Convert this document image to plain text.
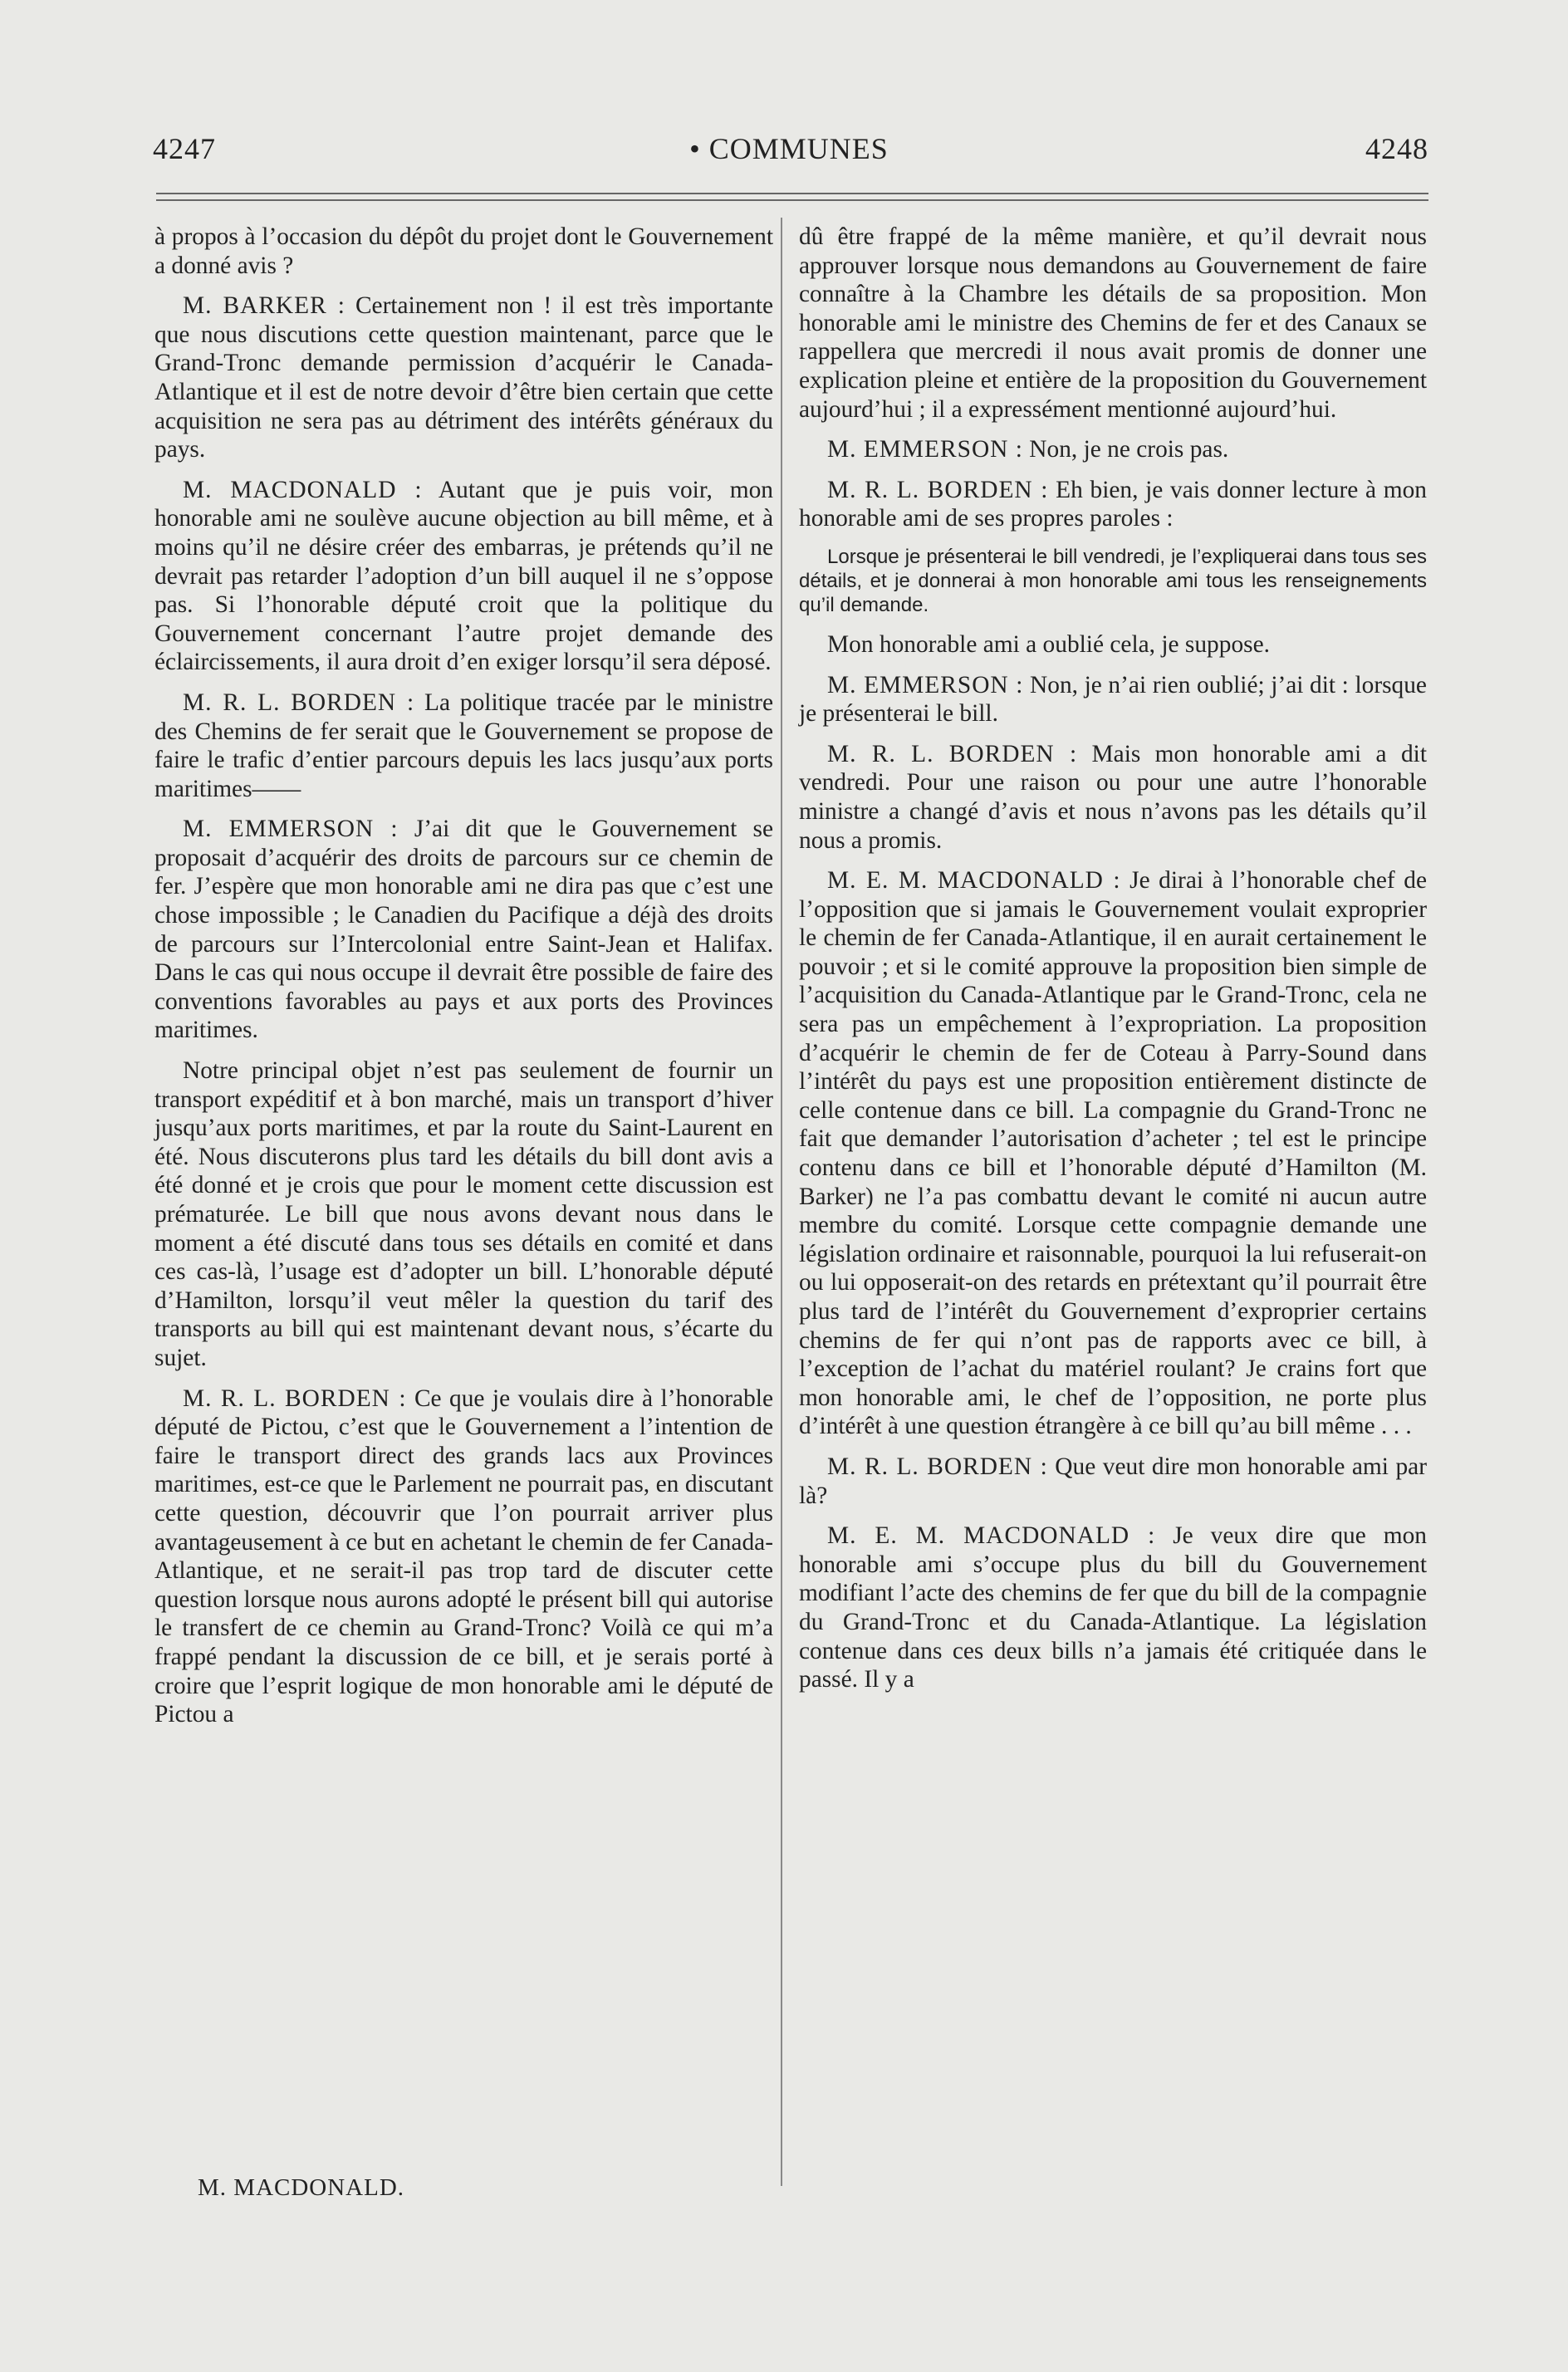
4247	• COMMUNES	4248

à propos à l’occasion du dépôt du projet dont le Gouvernement a donné avis ?

M. BARKER : Certainement non ! il est très importante que nous discutions cette question maintenant, parce que le Grand-Tronc demande permission d’acquérir le Canada-Atlantique et il est de notre devoir d’être bien certain que cette acquisition ne sera pas au détriment des intérêts généraux du pays.

M. MACDONALD : Autant que je puis voir, mon honorable ami ne soulève aucune objection au bill même, et à moins qu’il ne désire créer des embarras, je prétends qu’il ne devrait pas retarder l’adoption d’un bill auquel il ne s’oppose pas. Si l’honorable député croit que la politique du Gouvernement concernant l’autre projet demande des éclaircissements, il aura droit d’en exiger lorsqu’il sera déposé.

M. R. L. BORDEN : La politique tracée par le ministre des Chemins de fer serait que le Gouvernement se propose de faire le trafic d’entier parcours depuis les lacs jusqu’aux ports maritimes——

M. EMMERSON : J’ai dit que le Gouvernement se proposait d’acquérir des droits de parcours sur ce chemin de fer. J’espère que mon honorable ami ne dira pas que c’est une chose impossible ; le Canadien du Pacifique a déjà des droits de parcours sur l’Intercolonial entre Saint-Jean et Halifax. Dans le cas qui nous occupe il devrait être possible de faire des conventions favorables au pays et aux ports des Provinces maritimes.

Notre principal objet n’est pas seulement de fournir un transport expéditif et à bon marché, mais un transport d’hiver jusqu’aux ports maritimes, et par la route du Saint-Laurent en été. Nous discuterons plus tard les détails du bill dont avis a été donné et je crois que pour le moment cette discussion est prématurée. Le bill que nous avons devant nous dans le moment a été discuté dans tous ses détails en comité et dans ces cas-là, l’usage est d’adopter un bill. L’honorable député d’Hamilton, lorsqu’il veut mêler la question du tarif des transports au bill qui est maintenant devant nous, s’écarte du sujet.

M. R. L. BORDEN : Ce que je voulais dire à l’honorable député de Pictou, c’est que le Gouvernement a l’intention de faire le transport direct des grands lacs aux Provinces maritimes, est-ce que le Parlement ne pourrait pas, en discutant cette question, découvrir que l’on pourrait arriver plus avantageusement à ce but en achetant le chemin de fer Canada-Atlantique, et ne serait-il pas trop tard de discuter cette question lorsque nous aurons adopté le présent bill qui autorise le transfert de ce chemin au Grand-Tronc? Voilà ce qui m’a frappé pendant la discussion de ce bill, et je serais porté à croire que l’esprit logique de mon honorable ami le député de Pictou a

dû être frappé de la même manière, et qu’il devrait nous approuver lorsque nous demandons au Gouvernement de faire connaître à la Chambre les détails de sa proposition. Mon honorable ami le ministre des Chemins de fer et des Canaux se rappellera que mercredi il nous avait promis de donner une explication pleine et entière de la proposition du Gouvernement aujourd’hui ; il a expressément mentionné aujourd’hui.

M. EMMERSON : Non, je ne crois pas.

M. R. L. BORDEN : Eh bien, je vais donner lecture à mon honorable ami de ses propres paroles :

Lorsque je présenterai le bill vendredi, je l’expliquerai dans tous ses détails, et je donnerai à mon honorable ami tous les renseignements qu’il demande.

Mon honorable ami a oublié cela, je suppose.

M. EMMERSON : Non, je n’ai rien oublié; j’ai dit : lorsque je présenterai le bill.

M. R. L. BORDEN : Mais mon honorable ami a dit vendredi. Pour une raison ou pour une autre l’honorable ministre a changé d’avis et nous n’avons pas les détails qu’il nous a promis.

M. E. M. MACDONALD : Je dirai à l’honorable chef de l’opposition que si jamais le Gouvernement voulait exproprier le chemin de fer Canada-Atlantique, il en aurait certainement le pouvoir ; et si le comité approuve la proposition bien simple de l’acquisition du Canada-Atlantique par le Grand-Tronc, cela ne sera pas un empêchement à l’expropriation. La proposition d’acquérir le chemin de fer de Coteau à Parry-Sound dans l’intérêt du pays est une proposition entièrement distincte de celle contenue dans ce bill. La compagnie du Grand-Tronc ne fait que demander l’autorisation d’acheter ; tel est le principe contenu dans ce bill et l’honorable député d’Hamilton (M. Barker) ne l’a pas combattu devant le comité ni aucun autre membre du comité. Lorsque cette compagnie demande une législation ordinaire et raisonnable, pourquoi la lui refuserait-on ou lui opposerait-on des retards en prétextant qu’il pourrait être plus tard de l’intérêt du Gouvernement d’exproprier certains chemins de fer qui n’ont pas de rapports avec ce bill, à l’exception de l’achat du matériel roulant? Je crains fort que mon honorable ami, le chef de l’opposition, ne porte plus d’intérêt à une question étrangère à ce bill qu’au bill même . . .

M. R. L. BORDEN : Que veut dire mon honorable ami par là?

M. E. M. MACDONALD : Je veux dire que mon honorable ami s’occupe plus du bill du Gouvernement modifiant l’acte des chemins de fer que du bill de la compagnie du Grand-Tronc et du Canada-Atlantique. La législation contenue dans ces deux bills n’a jamais été critiquée dans le passé. Il y a

M. MACDONALD.
